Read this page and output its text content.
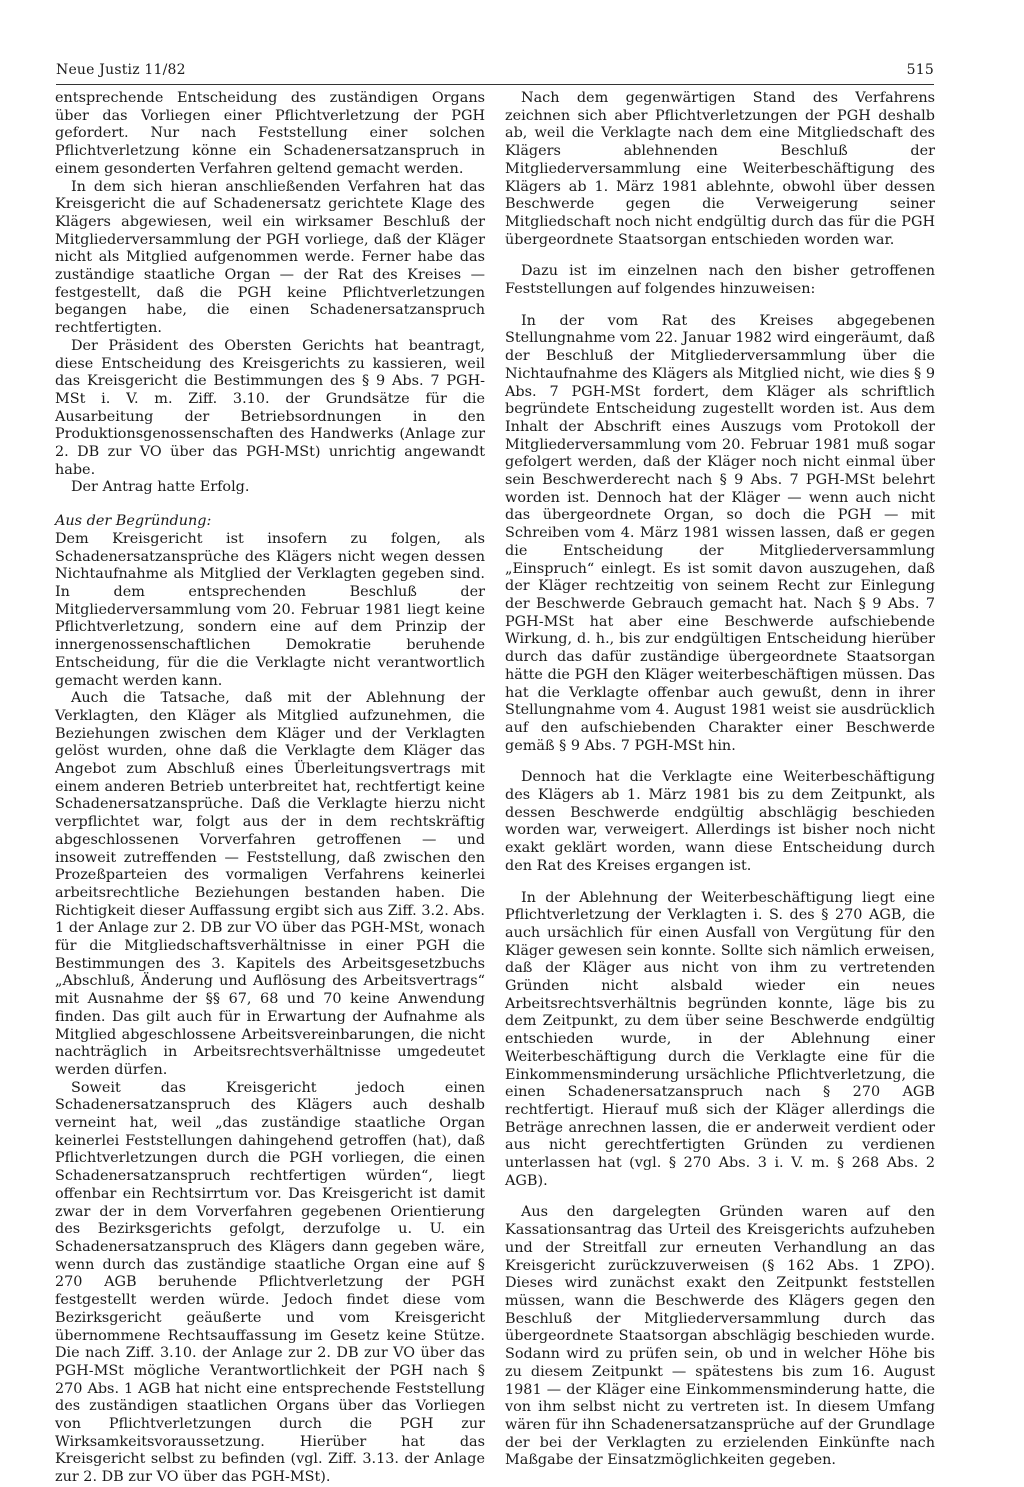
Neue Justiz 11/82	515

entsprechende Entscheidung des zuständigen Organs über das Vorliegen einer Pflichtverletzung der PGH gefordert. Nur nach Feststellung einer solchen Pflichtverletzung könne ein Schadenersatzanspruch in einem gesonderten Verfahren geltend gemacht werden.

In dem sich hieran anschließenden Verfahren hat das Kreisgericht die auf Schadenersatz gerichtete Klage des Klägers abgewiesen, weil ein wirksamer Beschluß der Mitgliederversammlung der PGH vorliege, daß der Kläger nicht als Mitglied aufgenommen werde. Ferner habe das zuständige staatliche Organ — der Rat des Kreises — festgestellt, daß die PGH keine Pflichtverletzungen begangen habe, die einen Schadenersatzanspruch rechtfertigten.

Der Präsident des Obersten Gerichts hat beantragt, diese Entscheidung des Kreisgerichts zu kassieren, weil das Kreisgericht die Bestimmungen des § 9 Abs. 7 PGH-MSt i. V. m. Ziff. 3.10. der Grundsätze für die Ausarbeitung der Betriebsordnungen in den Produktionsgenossenschaften des Handwerks (Anlage zur 2. DB zur VO über das PGH-MSt) unrichtig angewandt habe.

Der Antrag hatte Erfolg.

Aus der Begründung:

Dem Kreisgericht ist insofern zu folgen, als Schadenersatzansprüche des Klägers nicht wegen dessen Nichtaufnahme als Mitglied der Verklagten gegeben sind. In dem entsprechenden Beschluß der Mitgliederversammlung vom 20. Februar 1981 liegt keine Pflichtverletzung, sondern eine auf dem Prinzip der innergenossenschaftlichen Demokratie beruhende Entscheidung, für die die Verklagte nicht verantwortlich gemacht werden kann.

Auch die Tatsache, daß mit der Ablehnung der Verklagten, den Kläger als Mitglied aufzunehmen, die Beziehungen zwischen dem Kläger und der Verklagten gelöst wurden, ohne daß die Verklagte dem Kläger das Angebot zum Abschluß eines Überleitungsvertrags mit einem anderen Betrieb unterbreitet hat, rechtfertigt keine Schadenersatzansprüche. Daß die Verklagte hierzu nicht verpflichtet war, folgt aus der in dem rechtskräftig abgeschlossenen Vorverfahren getroffenen — und insoweit zutreffenden — Feststellung, daß zwischen den Prozeßparteien des vormaligen Verfahrens keinerlei arbeitsrechtliche Beziehungen bestanden haben. Die Richtigkeit dieser Auffassung ergibt sich aus Ziff. 3.2. Abs. 1 der Anlage zur 2. DB zur VO über das PGH-MSt, wonach für die Mitgliedschaftsverhältnisse in einer PGH die Bestimmungen des 3. Kapitels des Arbeitsgesetzbuchs „Abschluß, Änderung und Auflösung des Arbeitsvertrags“ mit Ausnahme der §§ 67, 68 und 70 keine Anwendung finden. Das gilt auch für in Erwartung der Aufnahme als Mitglied abgeschlossene Arbeitsvereinbarungen, die nicht nachträglich in Arbeitsrechtsverhältnisse umgedeutet werden dürfen.

Soweit das Kreisgericht jedoch einen Schadenersatzanspruch des Klägers auch deshalb verneint hat, weil „das zuständige staatliche Organ keinerlei Feststellungen dahingehend getroffen (hat), daß Pflichtverletzungen durch die PGH vorliegen, die einen Schadenersatzanspruch rechtfertigen würden“, liegt offenbar ein Rechtsirrtum vor. Das Kreisgericht ist damit zwar der in dem Vorverfahren gegebenen Orientierung des Bezirksgerichts gefolgt, derzufolge u. U. ein Schadenersatzanspruch des Klägers dann gegeben wäre, wenn durch das zuständige staatliche Organ eine auf § 270 AGB beruhende Pflichtverletzung der PGH festgestellt werden würde. Jedoch findet diese vom Bezirksgericht geäußerte und vom Kreisgericht übernommene Rechtsauffassung im Gesetz keine Stütze. Die nach Ziff. 3.10. der Anlage zur 2. DB zur VO über das PGH-MSt mögliche Verantwortlichkeit der PGH nach § 270 Abs. 1 AGB hat nicht eine entsprechende Feststellung des zuständigen staatlichen Organs über das Vorliegen von Pflichtverletzungen durch die PGH zur Wirksamkeitsvoraussetzung. Hierüber hat das Kreisgericht selbst zu befinden (vgl. Ziff. 3.13. der Anlage zur 2. DB zur VO über das PGH-MSt).

Nach dem gegenwärtigen Stand des Verfahrens zeichnen sich aber Pflichtverletzungen der PGH deshalb ab, weil die Verklagte nach dem eine Mitgliedschaft des Klägers ablehnenden Beschluß der Mitgliederversammlung eine Weiterbeschäftigung des Klägers ab 1. März 1981 ablehnte, obwohl über dessen Beschwerde gegen die Verweigerung seiner Mitgliedschaft noch nicht endgültig durch das für die PGH übergeordnete Staatsorgan entschieden worden war.

Dazu ist im einzelnen nach den bisher getroffenen Feststellungen auf folgendes hinzuweisen:

In der vom Rat des Kreises abgegebenen Stellungnahme vom 22. Januar 1982 wird eingeräumt, daß der Beschluß der Mitgliederversammlung über die Nichtaufnahme des Klägers als Mitglied nicht, wie dies § 9 Abs. 7 PGH-MSt fordert, dem Kläger als schriftlich begründete Entscheidung zugestellt worden ist. Aus dem Inhalt der Abschrift eines Auszugs vom Protokoll der Mitgliederversammlung vom 20. Februar 1981 muß sogar gefolgert werden, daß der Kläger noch nicht einmal über sein Beschwerderecht nach § 9 Abs. 7 PGH-MSt belehrt worden ist. Dennoch hat der Kläger — wenn auch nicht das übergeordnete Organ, so doch die PGH — mit Schreiben vom 4. März 1981 wissen lassen, daß er gegen die Entscheidung der Mitgliederversammlung „Einspruch“ einlegt. Es ist somit davon auszugehen, daß der Kläger rechtzeitig von seinem Recht zur Einlegung der Beschwerde Gebrauch gemacht hat. Nach § 9 Abs. 7 PGH-MSt hat aber eine Beschwerde aufschiebende Wirkung, d. h., bis zur endgültigen Entscheidung hierüber durch das dafür zuständige übergeordnete Staatsorgan hätte die PGH den Kläger weiterbeschäftigen müssen. Das hat die Verklagte offenbar auch gewußt, denn in ihrer Stellungnahme vom 4. August 1981 weist sie ausdrücklich auf den aufschiebenden Charakter einer Beschwerde gemäß § 9 Abs. 7 PGH-MSt hin.

Dennoch hat die Verklagte eine Weiterbeschäftigung des Klägers ab 1. März 1981 bis zu dem Zeitpunkt, als dessen Beschwerde endgültig abschlägig beschieden worden war, verweigert. Allerdings ist bisher noch nicht exakt geklärt worden, wann diese Entscheidung durch den Rat des Kreises ergangen ist.

In der Ablehnung der Weiterbeschäftigung liegt eine Pflichtverletzung der Verklagten i. S. des § 270 AGB, die auch ursächlich für einen Ausfall von Vergütung für den Kläger gewesen sein konnte. Sollte sich nämlich erweisen, daß der Kläger aus nicht von ihm zu vertretenden Gründen nicht alsbald wieder ein neues Arbeitsrechtsverhältnis begründen konnte, läge bis zu dem Zeitpunkt, zu dem über seine Beschwerde endgültig entschieden wurde, in der Ablehnung einer Weiterbeschäftigung durch die Verklagte eine für die Einkommensminderung ursächliche Pflichtverletzung, die einen Schadenersatzanspruch nach § 270 AGB rechtfertigt. Hierauf muß sich der Kläger allerdings die Beträge anrechnen lassen, die er anderweit verdient oder aus nicht gerechtfertigten Gründen zu verdienen unterlassen hat (vgl. § 270 Abs. 3 i. V. m. § 268 Abs. 2 AGB).

Aus den dargelegten Gründen waren auf den Kassationsantrag das Urteil des Kreisgerichts aufzuheben und der Streitfall zur erneuten Verhandlung an das Kreisgericht zurückzuverweisen (§ 162 Abs. 1 ZPO). Dieses wird zunächst exakt den Zeitpunkt feststellen müssen, wann die Beschwerde des Klägers gegen den Beschluß der Mitgliederversammlung durch das übergeordnete Staatsorgan abschlägig beschieden wurde. Sodann wird zu prüfen sein, ob und in welcher Höhe bis zu diesem Zeitpunkt — spätestens bis zum 16. August 1981 — der Kläger eine Einkommensminderung hatte, die von ihm selbst nicht zu vertreten ist. In diesem Umfang wären für ihn Schadenersatzansprüche auf der Grundlage der bei der Verklagten zu erzielenden Einkünfte nach Maßgabe der Einsatzmöglichkeiten gegeben.
